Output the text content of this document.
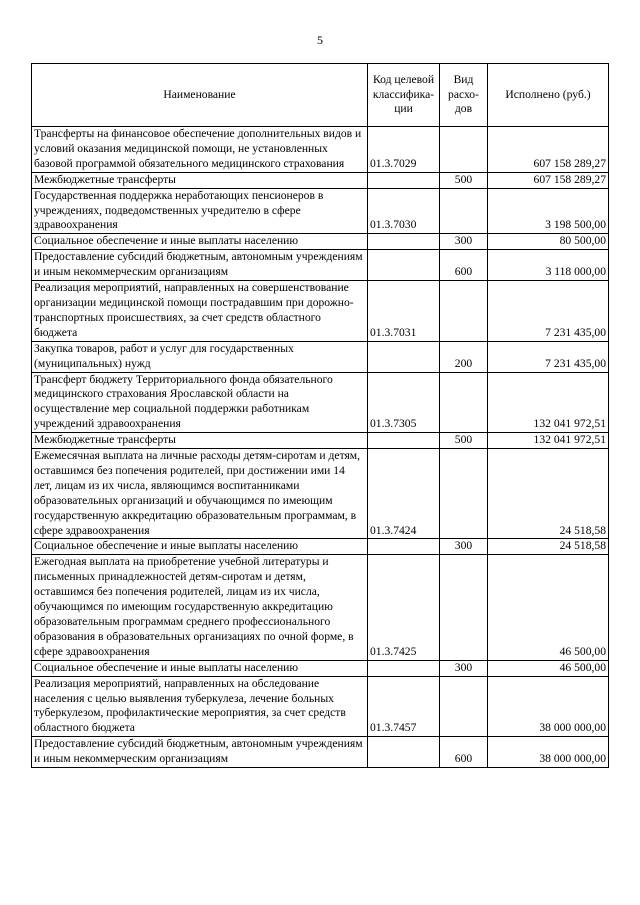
5
Наименование	Код целевой классифика-ции	Вид расхо-дов	Исполнено (руб.)
Трансферты на финансовое обеспечение дополнительных видов и условий оказания медицинской помощи, не установленных базовой программой обязательного медицинского страхования	01.3.7029		607 158 289,27
Межбюджетные трансферты		500	607 158 289,27
Государственная поддержка неработающих пенсионеров в учреждениях, подведомственных учредителю в сфере здравоохранения	01.3.7030		3 198 500,00
Социальное обеспечение и иные выплаты населению		300	80 500,00
Предоставление субсидий бюджетным, автономным учреждениям и иным некоммерческим организациям		600	3 118 000,00
Реализация мероприятий, направленных на совершенствование организации медицинской помощи пострадавшим при дорожно-транспортных происшествиях, за счет средств областного бюджета	01.3.7031		7 231 435,00
Закупка товаров, работ и услуг для государственных (муниципальных) нужд		200	7 231 435,00
Трансферт бюджету Территориального фонда обязательного медицинского страхования Ярославской области на осуществление мер социальной поддержки работникам учреждений здравоохранения	01.3.7305		132 041 972,51
Межбюджетные трансферты		500	132 041 972,51
Ежемесячная выплата на личные расходы детям-сиротам и детям, оставшимся без попечения родителей, при достижении ими 14 лет, лицам из их числа, являющимся воспитанниками образовательных организаций и обучающимся по имеющим государственную аккредитацию образовательным программам, в сфере здравоохранения	01.3.7424		24 518,58
Социальное обеспечение и иные выплаты населению		300	24 518,58
Ежегодная выплата на приобретение учебной литературы и письменных принадлежностей детям-сиротам и детям, оставшимся без попечения родителей, лицам из их числа, обучающимся по имеющим государственную аккредитацию образовательным программам среднего профессионального образования в образовательных организациях по очной форме, в сфере здравоохранения	01.3.7425		46 500,00
Социальное обеспечение и иные выплаты населению		300	46 500,00
Реализация мероприятий, направленных на обследование населения с целью выявления туберкулеза, лечение больных туберкулезом, профилактические мероприятия, за счет средств областного бюджета	01.3.7457		38 000 000,00
Предоставление субсидий бюджетным, автономным учреждениям и иным некоммерческим организациям		600	38 000 000,00
